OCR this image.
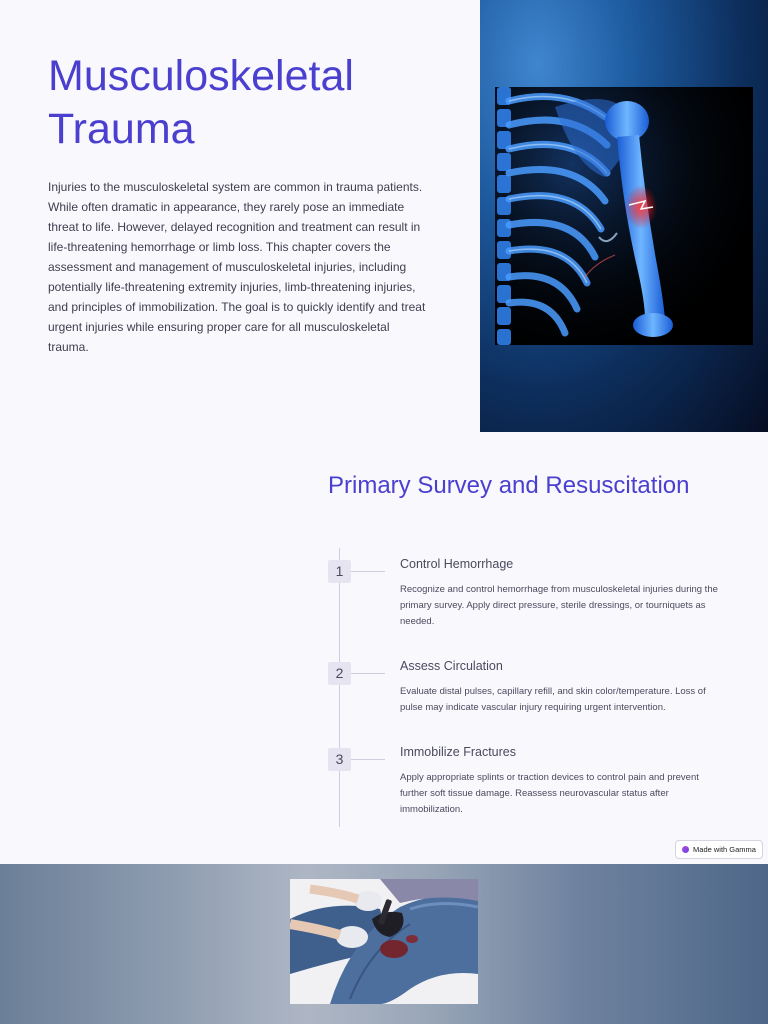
Musculoskeletal Trauma

Injuries to the musculoskeletal system are common in trauma patients. While often dramatic in appearance, they rarely pose an immediate threat to life. However, delayed recognition and treatment can result in life-threatening hemorrhage or limb loss. This chapter covers the assessment and management of musculoskeletal injuries, including potentially life-threatening extremity injuries, limb-threatening injuries, and principles of immobilization. The goal is to quickly identify and treat urgent injuries while ensuring proper care for all musculoskeletal trauma.

Primary Survey and Resuscitation
1	Control Hemorrhage
Recognize and control hemorrhage from musculoskeletal injuries during the primary survey. Apply direct pressure, sterile dressings, or tourniquets as needed.
2	Assess Circulation
Evaluate distal pulses, capillary refill, and skin color/temperature. Loss of pulse may indicate vascular injury requiring urgent intervention.
3	Immobilize Fractures
Apply appropriate splints or traction devices to control pain and prevent further soft tissue damage. Reassess neurovascular status after immobilization.
Made with Gamma
